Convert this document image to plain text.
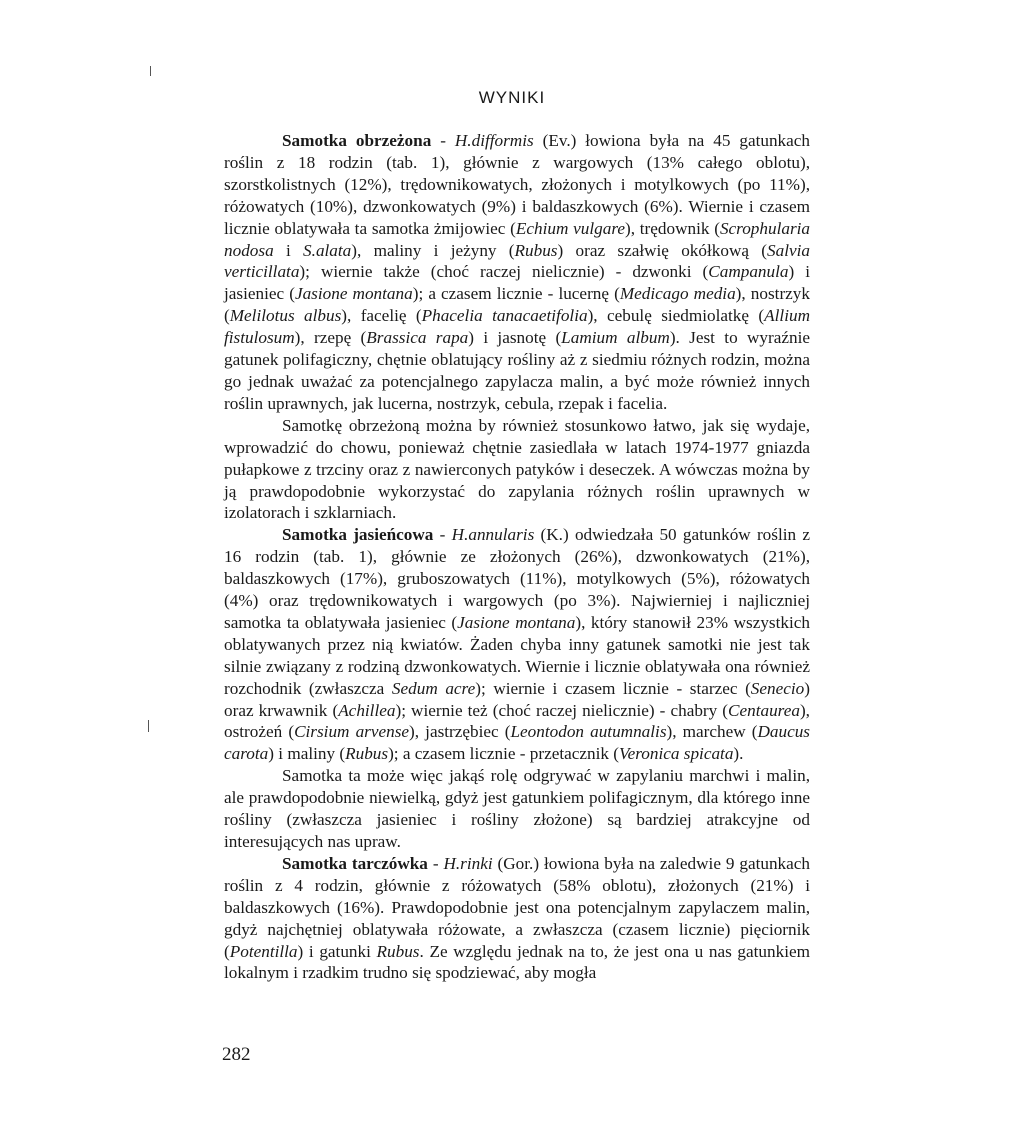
WYNIKI

Samotka obrzeżona - H.difformis (Ev.) łowiona była na 45 gatunkach roślin z 18 rodzin (tab. 1), głównie z wargowych (13% całego oblotu), szorstkolistnych (12%), trędownikowatych, złożonych i motylkowych (po 11%), różowatych (10%), dzwonkowatych (9%) i baldaszkowych (6%). Wiernie i czasem licznie oblatywała ta samotka żmijowiec (Echium vulgare), trędownik (Scrophularia nodosa i S.alata), maliny i jeżyny (Rubus) oraz szałwię okółkową (Salvia verticillata); wiernie także (choć raczej nielicznie) - dzwonki (Campanula) i jasieniec (Jasione montana); a czasem licznie - lucernę (Medicago media), nostrzyk (Melilotus albus), facelię (Phacelia tanacaetifolia), cebulę siedmiolatkę (Allium fistulosum), rzepę (Brassica rapa) i jasnotę (Lamium album). Jest to wyraźnie gatunek polifagiczny, chętnie oblatujący rośliny aż z siedmiu różnych rodzin, można go jednak uważać za potencjalnego zapylacza malin, a być może również innych roślin uprawnych, jak lucerna, nostrzyk, cebula, rzepak i facelia.

Samotkę obrzeżoną można by również stosunkowo łatwo, jak się wydaje, wprowadzić do chowu, ponieważ chętnie zasiedlała w latach 1974-1977 gniazda pułapkowe z trzciny oraz z nawierconych patyków i deseczek. A wówczas można by ją prawdopodobnie wykorzystać do zapylania różnych roślin uprawnych w izolatorach i szklarniach.

Samotka jasieńcowa - H.annularis (K.) odwiedzała 50 gatunków roślin z 16 rodzin (tab. 1), głównie ze złożonych (26%), dzwonkowatych (21%), baldaszkowych (17%), gruboszowatych (11%), motylkowych (5%), różowatych (4%) oraz trędownikowatych i wargowych (po 3%). Najwierniej i najliczniej samotka ta oblatywała jasieniec (Jasione montana), który stanowił 23% wszystkich oblatywanych przez nią kwiatów. Żaden chyba inny gatunek samotki nie jest tak silnie związany z rodziną dzwonkowatych. Wiernie i licznie oblatywała ona również rozchodnik (zwłaszcza Sedum acre); wiernie i czasem licznie - starzec (Senecio) oraz krwawnik (Achillea); wiernie też (choć raczej nielicznie) - chabry (Centaurea), ostrożeń (Cirsium arvense), jastrzębiec (Leontodon autumnalis), marchew (Daucus carota) i maliny (Rubus); a czasem licznie - przetacznik (Veronica spicata).

Samotka ta może więc jakąś rolę odgrywać w zapylaniu marchwi i malin, ale prawdopodobnie niewielką, gdyż jest gatunkiem polifagicznym, dla którego inne rośliny (zwłaszcza jasieniec i rośliny złożone) są bardziej atrakcyjne od interesujących nas upraw.

Samotka tarczówka - H.rinki (Gor.) łowiona była na zaledwie 9 gatunkach roślin z 4 rodzin, głównie z różowatych (58% oblotu), złożonych (21%) i baldaszkowych (16%). Prawdopodobnie jest ona potencjalnym zapylaczem malin, gdyż najchętniej oblatywała różowate, a zwłaszcza (czasem licznie) pięciornik (Potentilla) i gatunki Rubus. Ze względu jednak na to, że jest ona u nas gatunkiem lokalnym i rzadkim trudno się spodziewać, aby mogła

282
